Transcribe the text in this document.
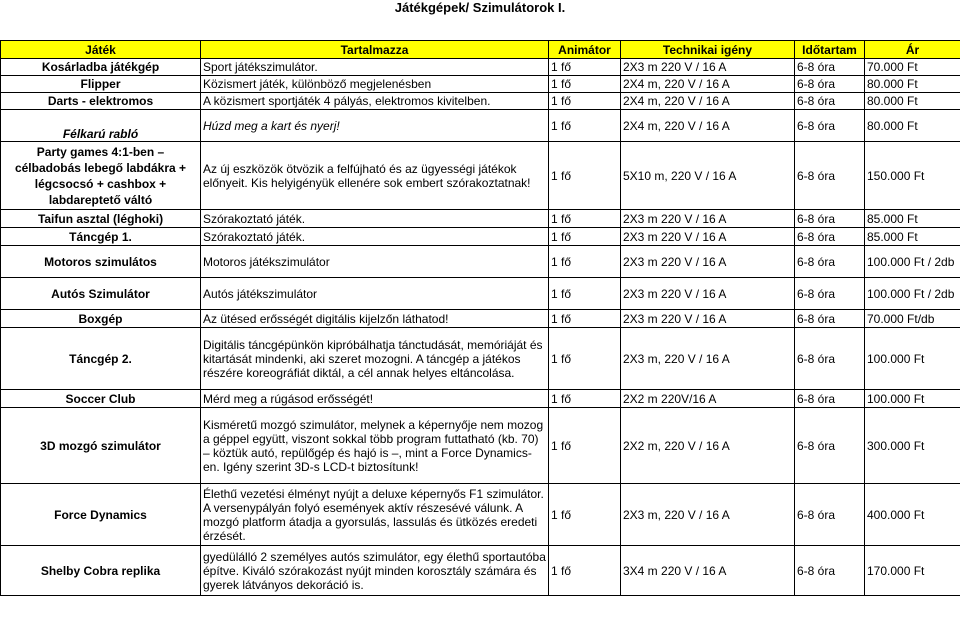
Játékgépek/ Szimulátorok I.
Játék	Tartalmazza	Animátor	Technikai igény	Időtartam	Ár
Kosárladba játékgép	Sport játékszimulátor.	1 fő	2X3 m 220 V / 16 A	6-8 óra	70.000 Ft
Flipper	Közismert játék, különböző megjelenésben	1 fő	2X4 m, 220 V / 16 A	6-8 óra	80.000 Ft
Darts - elektromos	A közismert sportjáték 4 pályás, elektromos kivitelben.	1 fő	2X4 m, 220 V / 16 A	6-8 óra	80.000 Ft
Félkarú rabló	Húzd meg a kart és nyerj!	1 fő	2X4 m, 220 V / 16 A	6-8 óra	80.000 Ft
Party games 4:1-ben – célbadobás lebegő labdákra + légcsocsó + cashbox + labdareptető váltó	Az új eszközök ötvözik a felfújható és az ügyességi játékok előnyeit. Kis helyigényük ellenére sok embert szórakoztatnak!	1 fő	5X10 m, 220 V / 16 A	6-8 óra	150.000 Ft
Taifun asztal (léghoki)	Szórakoztató játék.	1 fő	2X3 m 220 V / 16 A	6-8 óra	85.000 Ft
Táncgép 1.	Szórakoztató játék.	1 fő	2X3 m 220 V / 16 A	6-8 óra	85.000 Ft
Motoros szimulátos	Motoros játékszimulátor	1 fő	2X3 m 220 V / 16 A	6-8 óra	100.000 Ft / 2db
Autós Szimulátor	Autós játékszimulátor	1 fő	2X3 m 220 V / 16 A	6-8 óra	100.000 Ft / 2db
Boxgép	Az ütésed erősségét digitális kijelzőn láthatod!	1 fő	2X3 m 220 V / 16 A	6-8 óra	70.000 Ft/db
Táncgép 2.	Digitális táncgépünkön kipróbálhatja tánctudását, memóriáját és kitartását mindenki, aki szeret mozogni. A táncgép a játékos részére koreográfiát diktál, a cél annak helyes eltáncolása.	1 fő	2X3 m, 220 V / 16 A	6-8 óra	100.000 Ft
Soccer Club	Mérd meg a rúgásod erősségét!	1 fő	2X2 m 220V/16 A	6-8 óra	100.000 Ft
3D mozgó szimulátor	Kisméretű mozgó szimulátor, melynek a képernyője nem mozog a géppel együtt, viszont sokkal több program futtatható (kb. 70) – köztük autó, repülőgép és hajó is –, mint a Force Dynamics-en. Igény szerint 3D-s LCD-t biztosítunk!	1 fő	2X2 m, 220 V / 16 A	6-8 óra	300.000 Ft
Force Dynamics	Élethű vezetési élményt nyújt a deluxe képernyős F1 szimulátor. A versenypályán folyó események aktív részesévé válunk. A mozgó platform átadja a gyorsulás, lassulás és ütközés eredeti érzését.	1 fő	2X3 m, 220 V / 16 A	6-8 óra	400.000 Ft
Shelby Cobra replika	gyedülálló 2 személyes autós szimulátor, egy élethű sportautóba építve. Kiváló szórakozást nyújt minden korosztály számára és gyerek látványos dekoráció is.	1 fő	3X4 m 220 V / 16 A	6-8 óra	170.000 Ft
